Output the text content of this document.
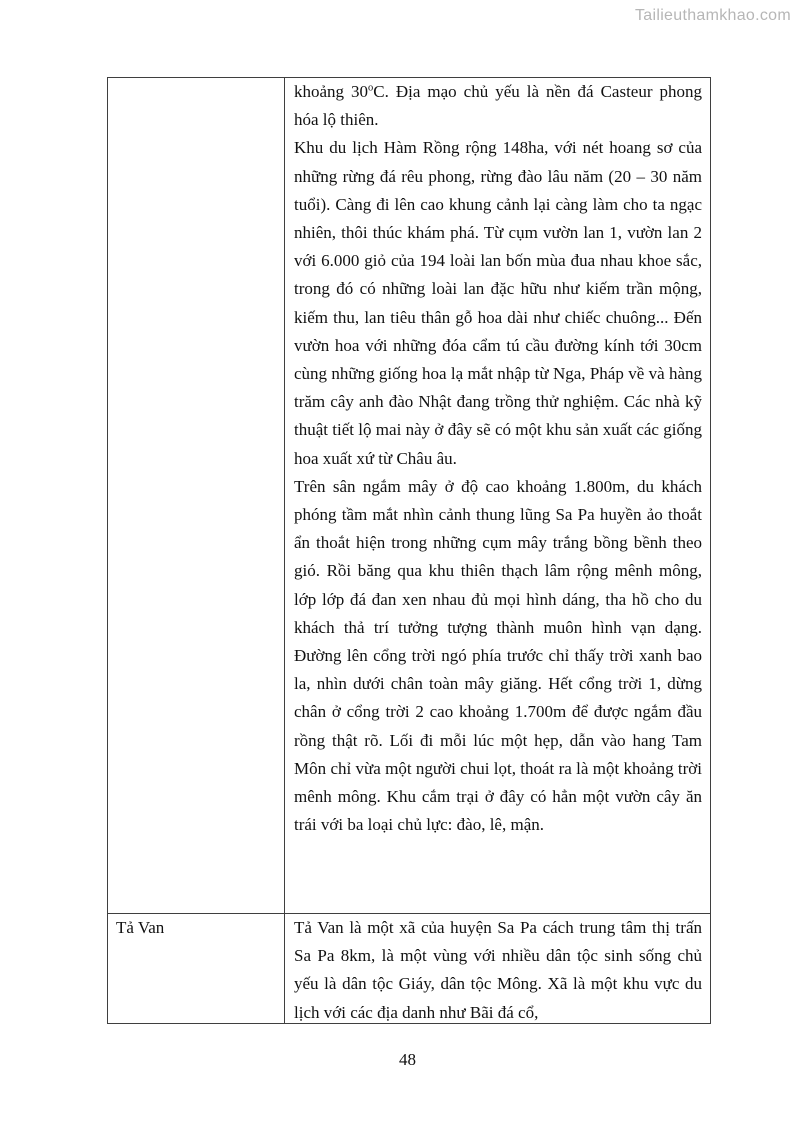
Tailieuthamkhao.com

	khoảng 30$^o$C. Địa mạo chủ yếu là nền đá Casteur phong hóa lộ thiên.

Khu du lịch Hàm Rồng rộng 148ha, với nét hoang sơ của những rừng đá rêu phong, rừng đào lâu năm (20 – 30 năm tuổi). Càng đi lên cao khung cảnh lại càng làm cho ta ngạc nhiên, thôi thúc khám phá. Từ cụm vườn lan 1, vườn lan 2 với 6.000 giỏ của 194 loài lan bốn mùa đua nhau khoe sắc, trong đó có những loài lan đặc hữu như kiếm trần mộng, kiếm thu, lan tiêu thân gỗ hoa dài như chiếc chuông... Đến vườn hoa với những đóa cẩm tú cầu đường kính tới 30cm cùng những giống hoa lạ mắt nhập từ Nga, Pháp về và hàng trăm cây anh đào Nhật đang trồng thử nghiệm. Các nhà kỹ thuật tiết lộ mai này ở đây sẽ có một khu sản xuất các giống hoa xuất xứ từ Châu âu.

Trên sân ngắm mây ở độ cao khoảng 1.800m, du khách phóng tầm mắt nhìn cảnh thung lũng Sa Pa huyền ảo thoắt ẩn thoắt hiện trong những cụm mây trắng bồng bềnh theo gió. Rồi băng qua khu thiên thạch lâm rộng mênh mông, lớp lớp đá đan xen nhau đủ mọi hình dáng, tha hồ cho du khách thả trí tưởng tượng thành muôn hình vạn dạng. Đường lên cổng trời ngó phía trước chỉ thấy trời xanh bao la, nhìn dưới chân toàn mây giăng. Hết cổng trời 1, dừng chân ở cổng trời 2 cao khoảng 1.700m để được ngắm đầu rồng thật rõ. Lối đi mỗi lúc một hẹp, dẫn vào hang Tam Môn chỉ vừa một người chui lọt, thoát ra là một khoảng trời mênh mông. Khu cắm trại ở đây có hẳn một vườn cây ăn trái với ba loại chủ lực: đào, lê, mận.

Tả Van	Tả Van là một xã của huyện Sa Pa cách trung tâm thị trấn Sa Pa 8km, là một vùng với nhiều dân tộc sinh sống chủ yếu là dân tộc Giáy, dân tộc Mông. Xã là một khu vực du lịch với các địa danh như Bãi đá cổ,

48
